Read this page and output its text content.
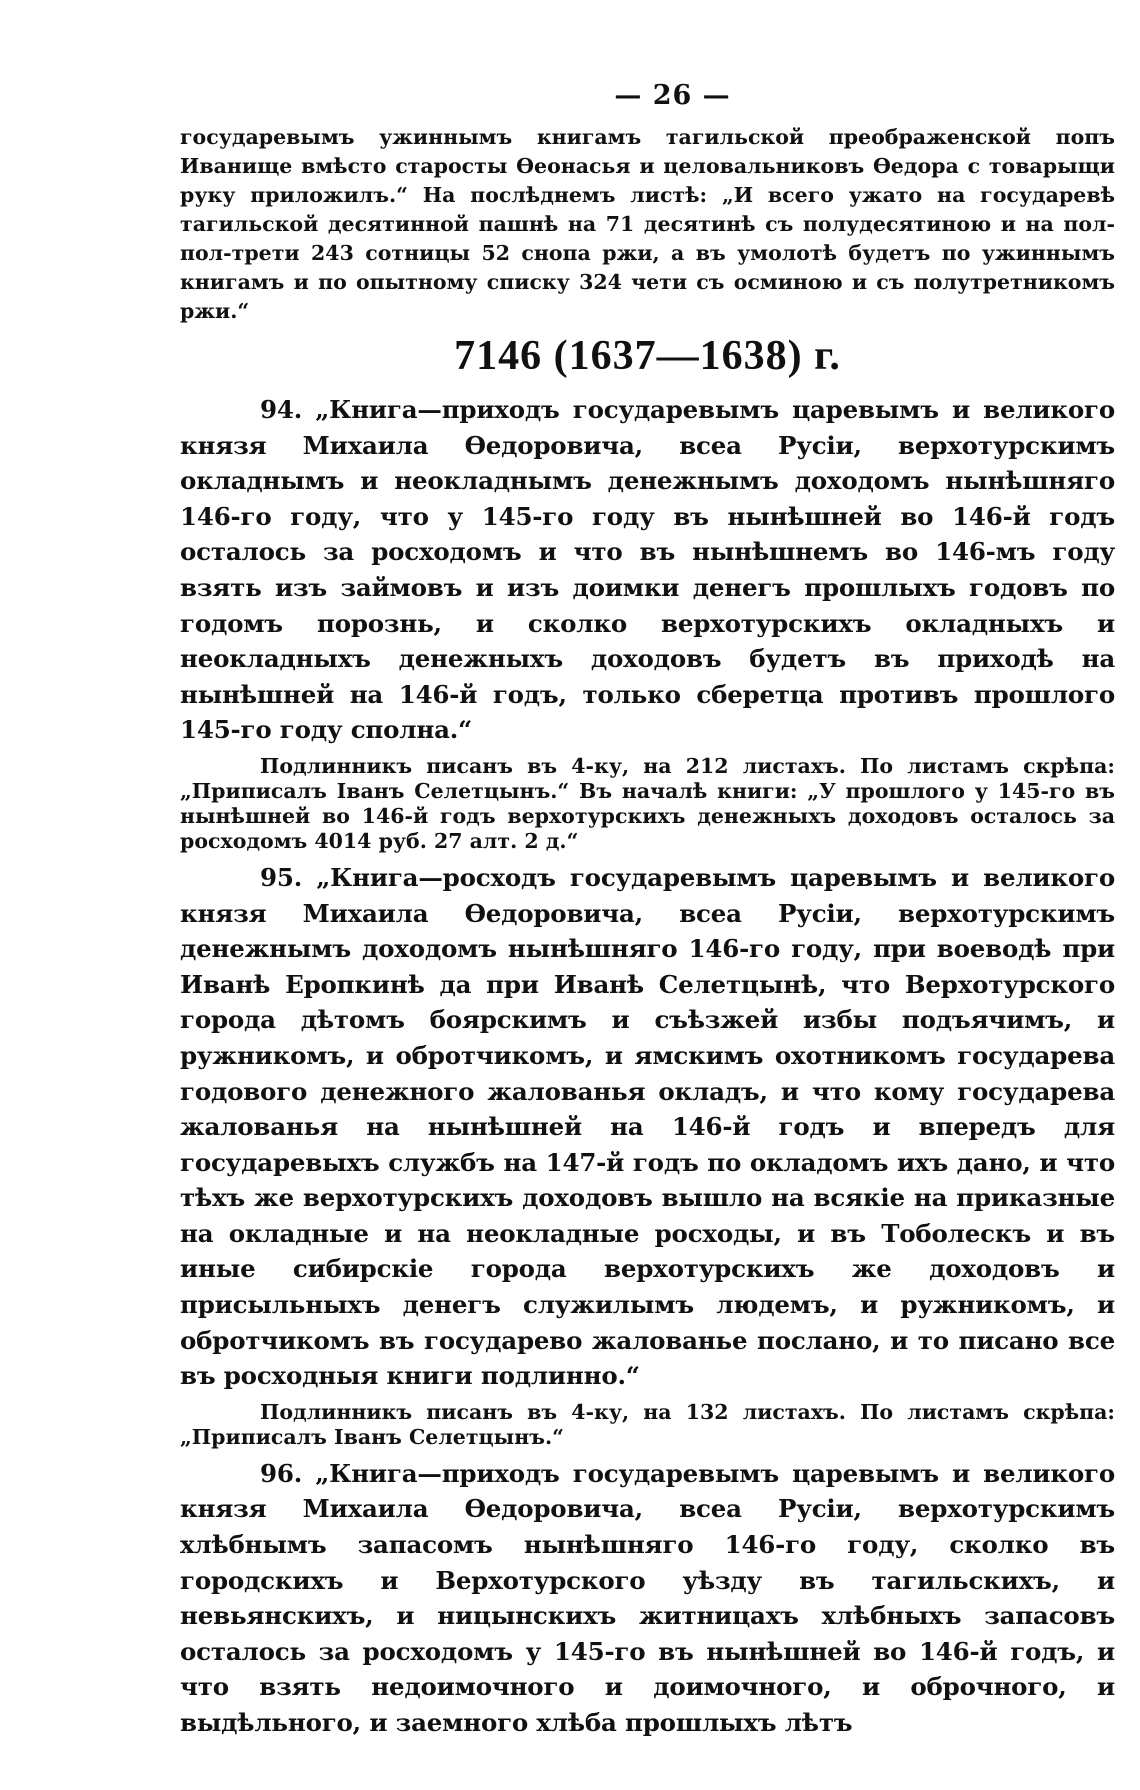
— 26 —

государевымъ ужиннымъ книгамъ тагильской преображенской попъ Иванище вмѣсто старосты Өеонасья и целовальниковъ Өедора с товарыщи руку приложилъ.“ На послѣднемъ листѣ: „И всего ужато на государевѣ тагильской десятинной пашнѣ на 71 десятинѣ съ полудесятиною и на пол-пол-трети 243 сотницы 52 снопа ржи, а въ умолотѣ будетъ по ужиннымъ книгамъ и по опытному списку 324 чети съ осминою и съ полутретникомъ ржи.“

7146 (1637—1638) г.

94. „Книга—приходъ государевымъ царевымъ и великого князя Михаила Өедоровича, всеа Русіи, верхотурскимъ окладнымъ и неокладнымъ денежнымъ доходомъ нынѣшняго 146-го году, что у 145-го году въ нынѣшней во 146-й годъ осталось за росходомъ и что въ нынѣшнемъ во 146-мъ году взять изъ займовъ и изъ доимки денегъ прошлыхъ годовъ по годомъ порознь, и сколко верхотурскихъ окладныхъ и неокладныхъ денежныхъ доходовъ будетъ въ приходѣ на нынѣшней на 146-й годъ, только сберетца противъ прошлого 145-го году сполна.“

Подлинникъ писанъ въ 4-ку, на 212 листахъ. По листамъ скрѣпа: „Приписалъ Іванъ Селетцынъ.“ Въ началѣ книги: „У прошлого у 145-го въ нынѣшней во 146-й годъ верхотурскихъ денежныхъ доходовъ осталось за росходомъ 4014 руб. 27 алт. 2 д.“

95. „Книга—росходъ государевымъ царевымъ и великого князя Михаила Өедоровича, всеа Русіи, верхотурскимъ денежнымъ доходомъ нынѣшняго 146-го году, при воеводѣ при Иванѣ Еропкинѣ да при Иванѣ Селетцынѣ, что Верхотурского города дѣтомъ боярскимъ и съѣзжей избы подъячимъ, и ружникомъ, и обротчикомъ, и ямскимъ охотникомъ государева годового денежного жалованья окладъ, и что кому государева жалованья на нынѣшней на 146-й годъ и впередъ для государевыхъ службъ на 147-й годъ по окладомъ ихъ дано, и что тѣхъ же верхотурскихъ доходовъ вышло на всякіе на приказные на окладные и на неокладные росходы, и въ Тоболескъ и въ иные сибирскіе города верхотурскихъ же доходовъ и присыльныхъ денегъ служилымъ людемъ, и ружникомъ, и обротчикомъ въ государево жалованье послано, и то писано все въ росходныя книги подлинно.“

Подлинникъ писанъ въ 4-ку, на 132 листахъ. По листамъ скрѣпа: „Приписалъ Іванъ Селетцынъ.“

96. „Книга—приходъ государевымъ царевымъ и великого князя Михаила Өедоровича, всеа Русіи, верхотурскимъ хлѣбнымъ запасомъ нынѣшняго 146-го году, сколко въ городскихъ и Верхотурского уѣзду въ тагильскихъ, и невьянскихъ, и ницынскихъ житницахъ хлѣбныхъ запасовъ осталось за росходомъ у 145-го въ нынѣшней во 146-й годъ, и что взять недоимочного и доимочного, и оброчного, и выдѣльного, и заемного хлѣба прошлыхъ лѣтъ
